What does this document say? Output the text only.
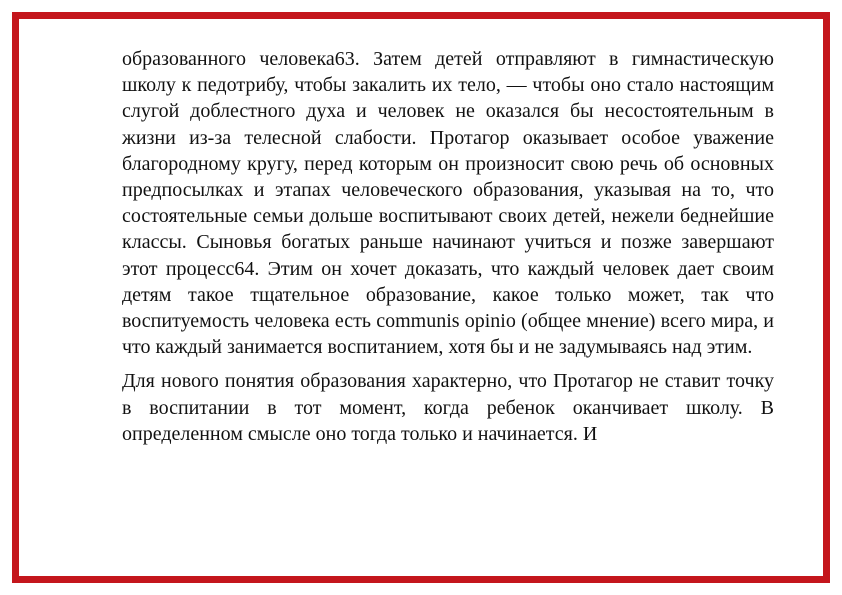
образованного человека63. Затем детей отправляют в гимнастическую школу к педотрибу, чтобы закалить их тело, — чтобы оно стало настоящим слугой доблестного духа и человек не оказался бы несостоятельным в жизни из-за телесной слабости. Протагор оказывает особое уважение благородному кругу, перед которым он произносит свою речь об основных предпосылках и этапах человеческого образования, указывая на то, что состоятельные семьи дольше воспитывают своих детей, нежели беднейшие классы. Сыновья богатых раньше начинают учиться и позже завершают этот процесс64. Этим он хочет доказать, что каждый человек дает своим детям такое тщательное образование, какое только может, так что воспитуемость человека есть communis opinio (общее мнение) всего мира, и что каждый занимается воспитанием, хотя бы и не задумываясь над этим.

Для нового понятия образования характерно, что Протагор не ставит точку в воспитании в тот момент, когда ребенок оканчивает школу. В определенном смысле оно тогда только и начинается. И
